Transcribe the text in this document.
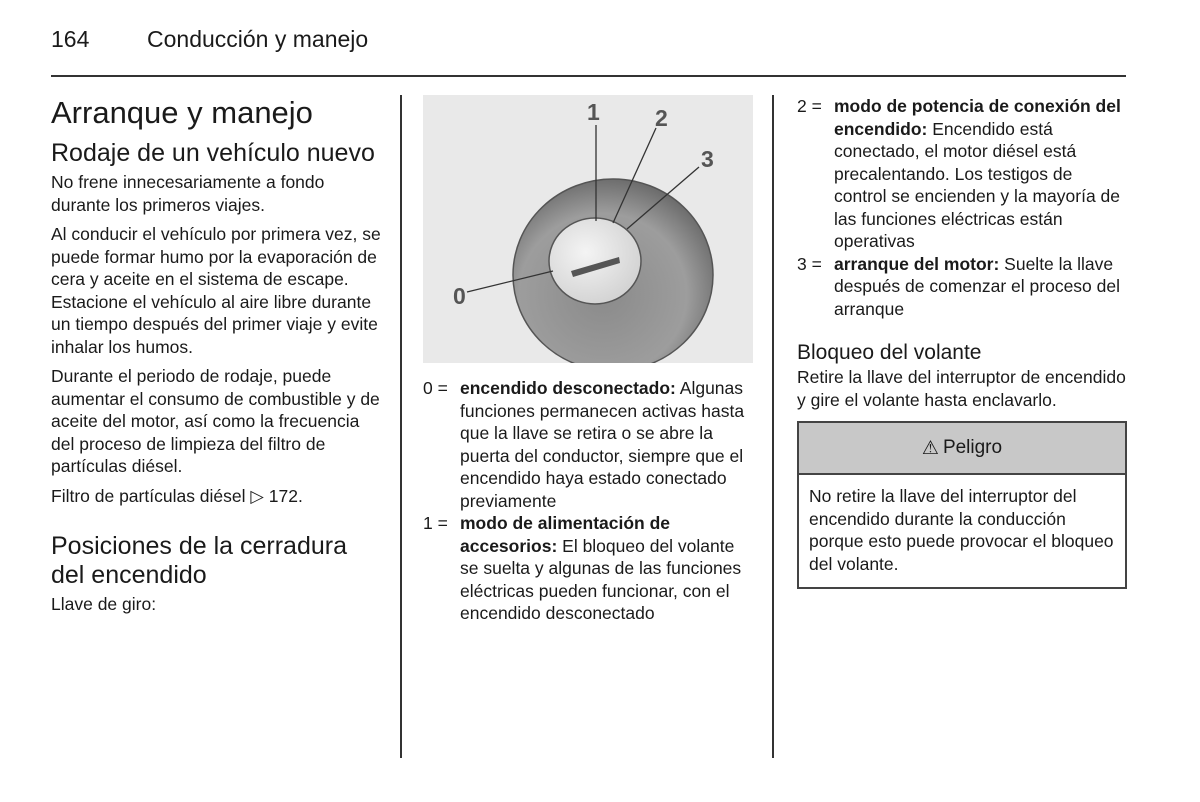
164	Conducción y manejo
Arranque y manejo
Rodaje de un vehículo nuevo

No frene innecesariamente a fondo durante los primeros viajes.

Al conducir el vehículo por primera vez, se puede formar humo por la evaporación de cera y aceite en el sistema de escape. Estacione el vehículo al aire libre durante un tiempo después del primer viaje y evite inhalar los humos.

Durante el periodo de rodaje, puede aumentar el consumo de combustible y de aceite del motor, así como la frecuencia del proceso de limpieza del filtro de partículas diésel.

Filtro de partículas diésel ▷ 172.

Posiciones de la cerradura del encendido

Llave de giro:

0
1 2
3
0 = encendido desconectado: Algunas funciones permanecen activas hasta que la llave se retira o se abre la puerta del conductor, siempre que el encendido haya estado conectado previamente
1 = modo de alimentación de accesorios: El bloqueo del volante se suelta y algunas de las funciones eléctricas pueden funcionar, con el encendido desconectado
2 = modo de potencia de conexión del encendido: Encendido está conectado, el motor diésel está precalentando. Los testigos de control se encienden y la mayoría de las funciones eléctricas están operativas
3 = arranque del motor: Suelte la llave después de comenzar el proceso del arranque
Bloqueo del volante

Retire la llave del interruptor de encendido y gire el volante hasta enclavarlo.

⚠ Peligro
No retire la llave del interruptor del encendido durante la conducción porque esto puede provocar el bloqueo del volante.
